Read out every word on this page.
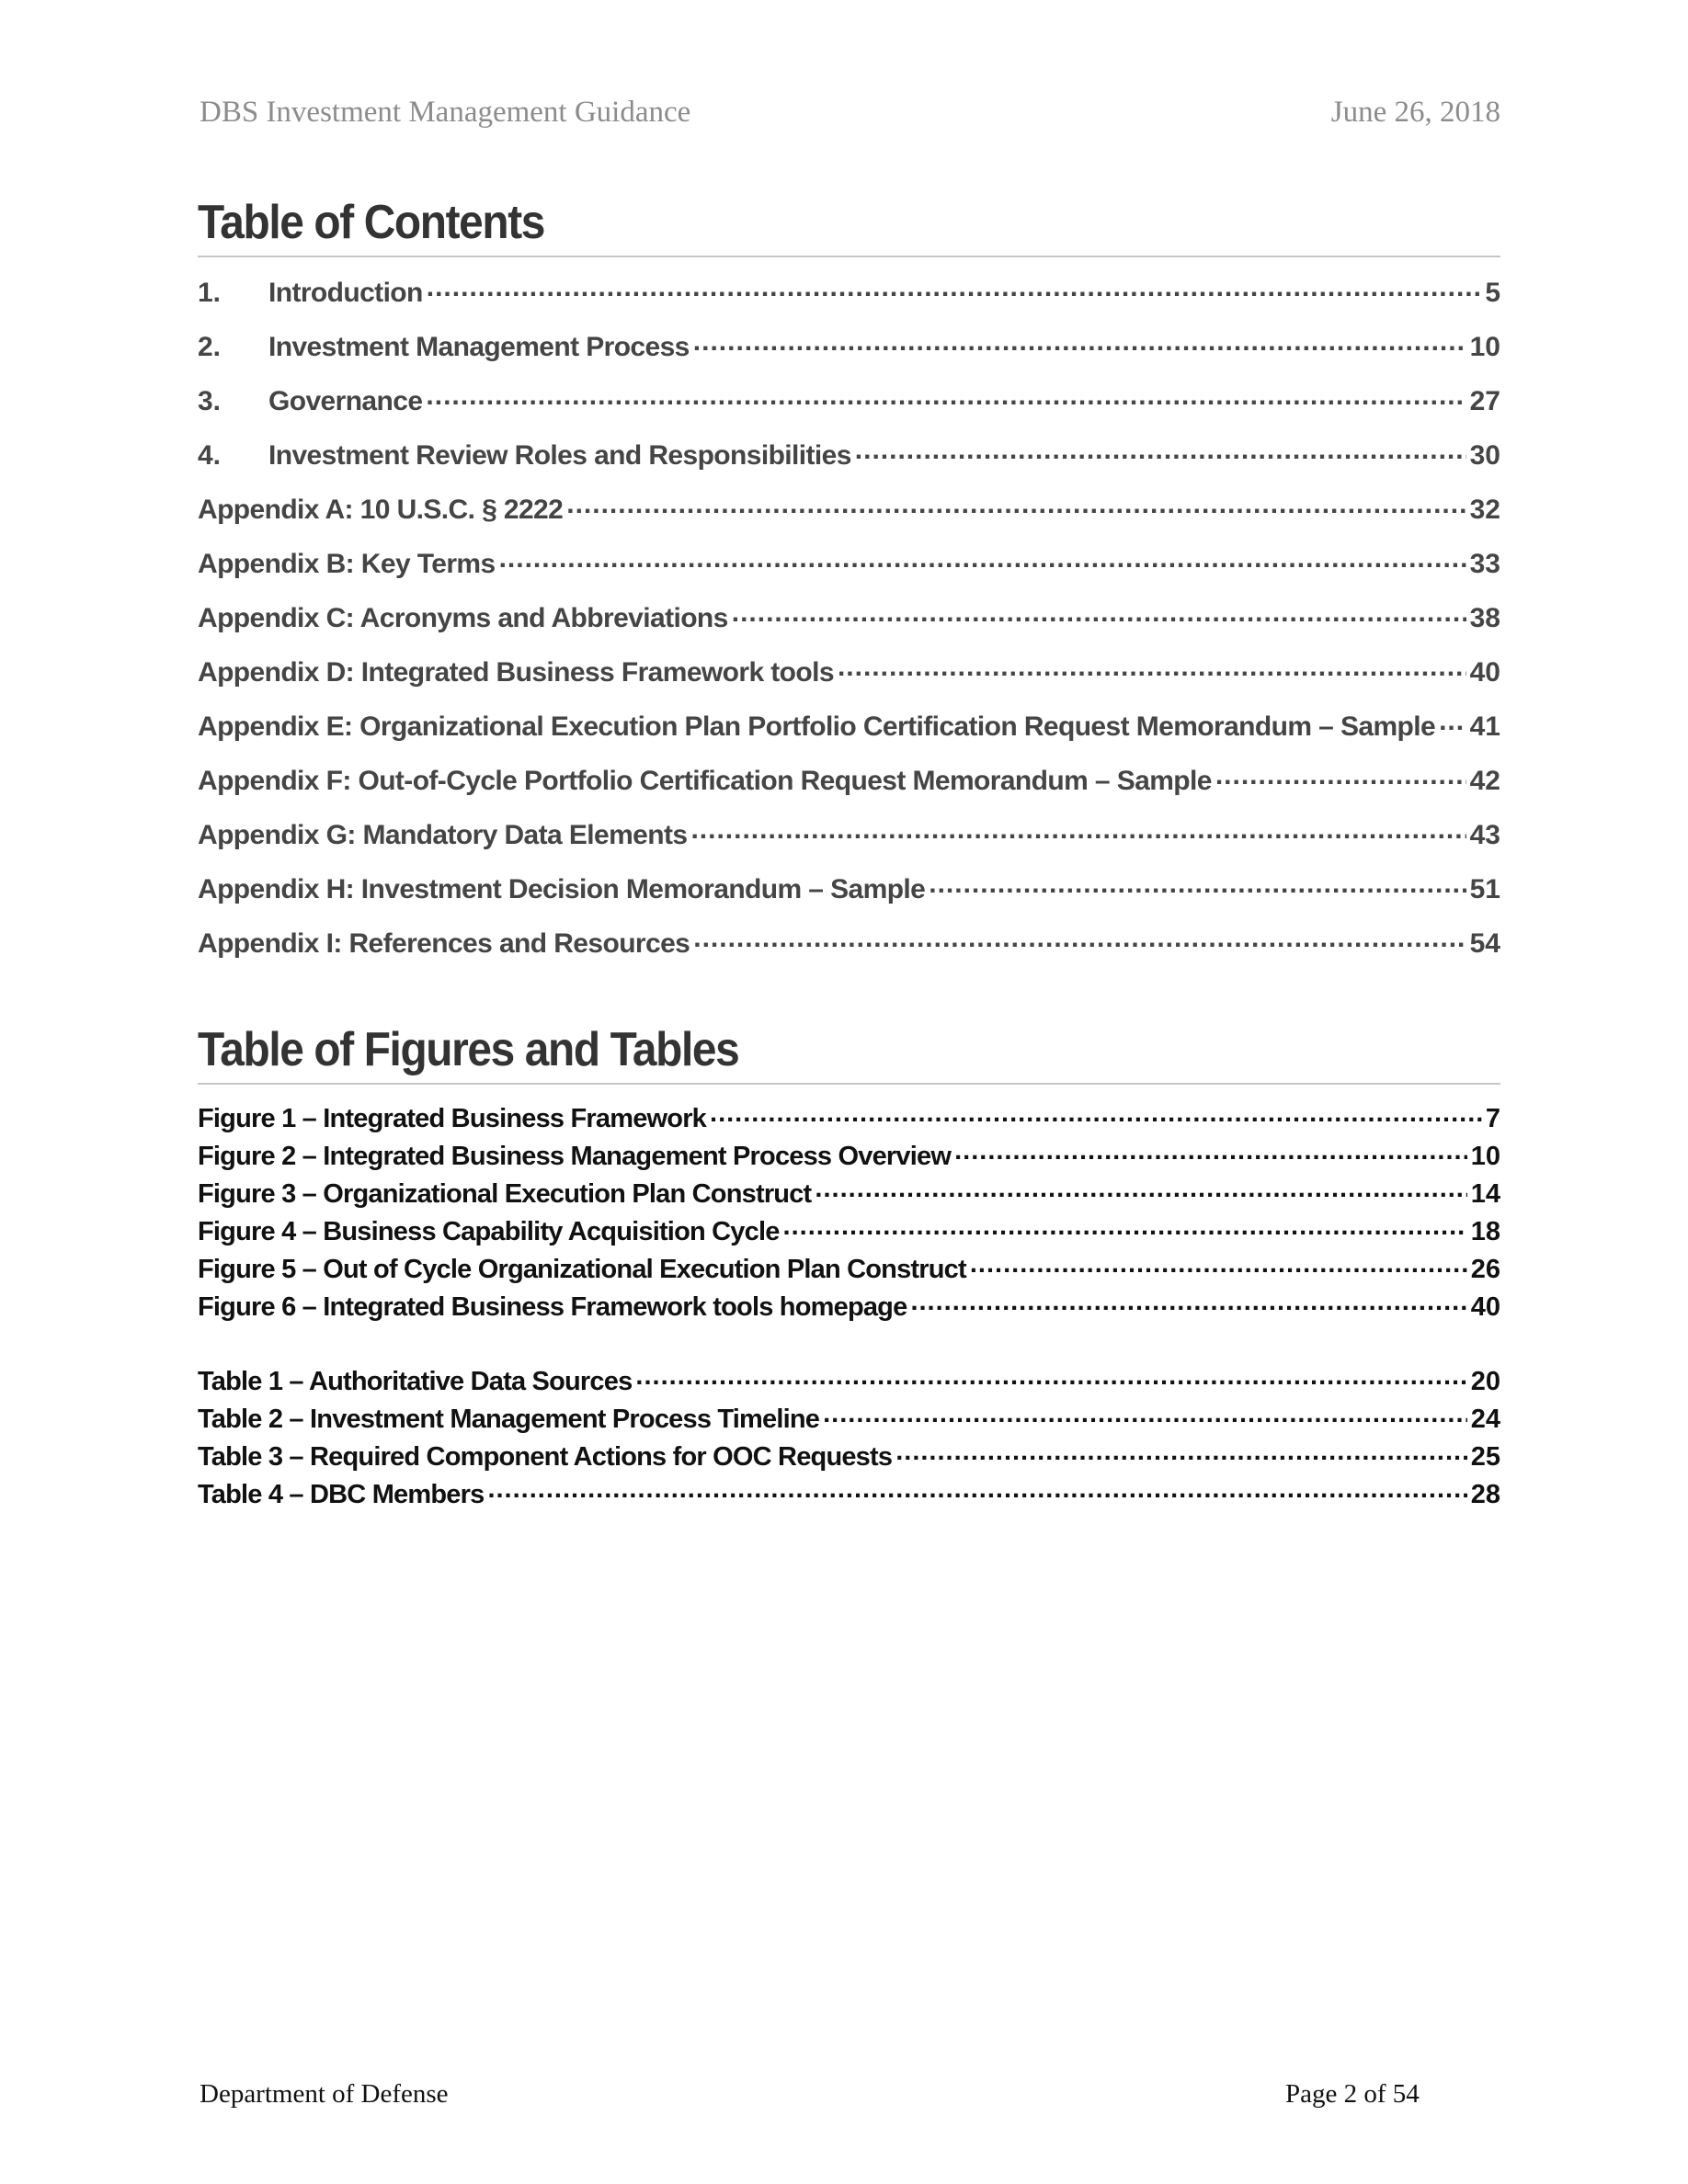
DBS Investment Management Guidance	June 26, 2018
Table of Contents
1.	Introduction .....	5
2.	Investment Management Process .....	10
3.	Governance .....	27
4.	Investment Review Roles and Responsibilities .....	30
Appendix A: 10 U.S.C. § 2222 .....	32
Appendix B: Key Terms .....	33
Appendix C: Acronyms and Abbreviations .....	38
Appendix D: Integrated Business Framework tools .....	40
Appendix E: Organizational Execution Plan Portfolio Certification Request Memorandum – Sample ..... 41
Appendix F: Out-of-Cycle Portfolio Certification Request Memorandum – Sample .....	42
Appendix G: Mandatory Data Elements .....	43
Appendix H: Investment Decision Memorandum – Sample .....	51
Appendix I: References and Resources .....	54
Table of Figures and Tables
Figure 1 – Integrated Business Framework .....	7
Figure 2 – Integrated Business Management Process Overview .....	10
Figure 3 – Organizational Execution Plan Construct .....	14
Figure 4 – Business Capability Acquisition Cycle .....	18
Figure 5 – Out of Cycle Organizational Execution Plan Construct .....	26
Figure 6 – Integrated Business Framework tools homepage .....	40
Table 1 – Authoritative Data Sources .....	20
Table 2 – Investment Management Process Timeline .....	24
Table 3 – Required Component Actions for OOC Requests .....	25
Table 4 – DBC Members .....	28
Department of Defense	Page 2 of 54
